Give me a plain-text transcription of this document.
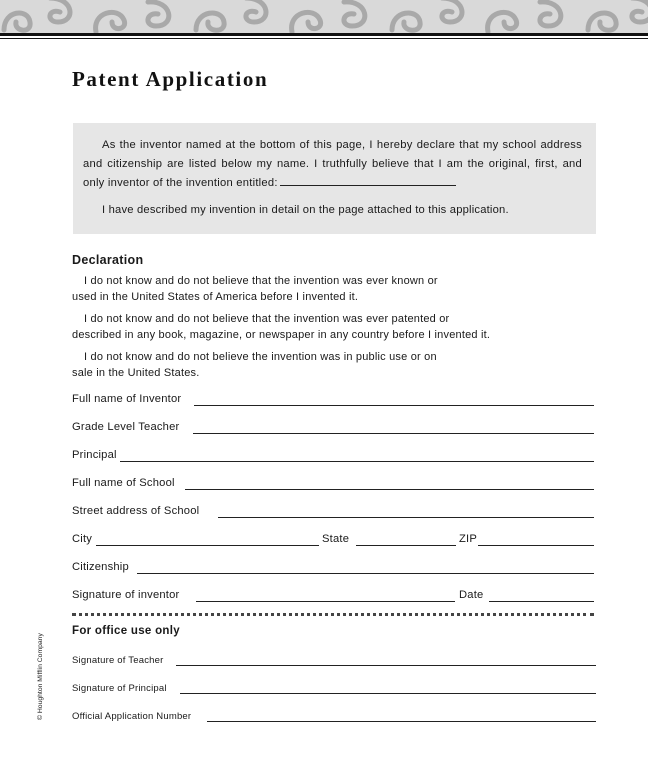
Patent Application

As the inventor named at the bottom of this page, I hereby declare that my school address and citizenship are listed below my name. I truthfully believe that I am the original, first, and only inventor of the invention entitled:

I have described my invention in detail on the page attached to this application.

Declaration
I do not know and do not believe that the invention was ever known or
used in the United States of America before I invented it.
I do not know and do not believe that the invention was ever patented or
described in any book, magazine, or newspaper in any country before I invented it.
I do not know and do not believe the invention was in public use or on
sale in the United States.
Full name of Inventor
Grade Level Teacher
Principal
Full name of School
Street address of School
City	State	ZIP
Citizenship
Signature of inventor	Date
For office use only
Signature of Teacher
Signature of Principal
Official Application Number
© Houghton Mifflin Company
